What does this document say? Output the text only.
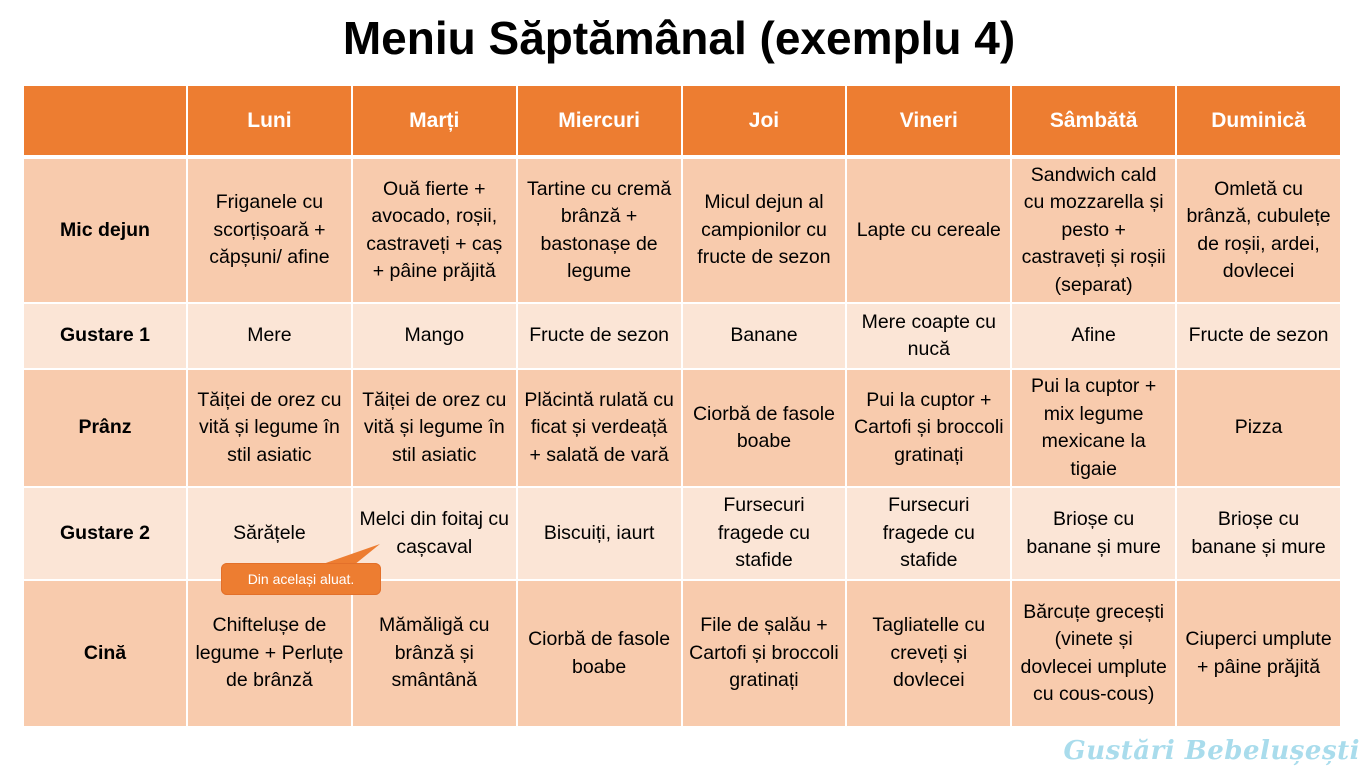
Meniu Săptămânal (exemplu 4)
	Luni	Marți	Miercuri	Joi	Vineri	Sâmbătă	Duminică
Mic dejun	Friganele cu scorțișoară + căpșuni/ afine	Ouă fierte + avocado, roșii, castraveți + caș + pâine prăjită	Tartine cu cremă brânză + bastonașe de legume	Micul dejun al campionilor cu fructe de sezon	Lapte cu cereale	Sandwich cald cu mozzarella și pesto + castraveți și roșii (separat)	Omletă cu brânză, cubulețe de roșii, ardei, dovlecei
Gustare 1	Mere	Mango	Fructe de sezon	Banane	Mere coapte cu nucă	Afine	Fructe de sezon
Prânz	Tăiței de orez cu vită și legume în stil asiatic	Tăiței de orez cu vită și legume în stil asiatic	Plăcintă rulată cu ficat și verdeață + salată de vară	Ciorbă de fasole boabe	Pui la cuptor + Cartofi și broccoli gratinați	Pui la cuptor + mix legume mexicane la tigaie	Pizza
Gustare 2	Sărățele	Melci din foitaj cu cașcaval	Biscuiți, iaurt	Fursecuri fragede cu stafide	Fursecuri fragede cu stafide	Brioșe cu banane și mure	Brioșe cu banane și mure
Cină	Chiftelușe de legume + Perluțe de brânză	Mămăligă cu brânză și smântână	Ciorbă de fasole boabe	File de șalău + Cartofi și broccoli gratinați	Tagliatelle cu creveți și dovlecei	Bărcuțe grecești (vinete și dovlecei umplute cu cous-cous)	Ciuperci umplute + pâine prăjită
Din același aluat.
Gustări Bebelușești
